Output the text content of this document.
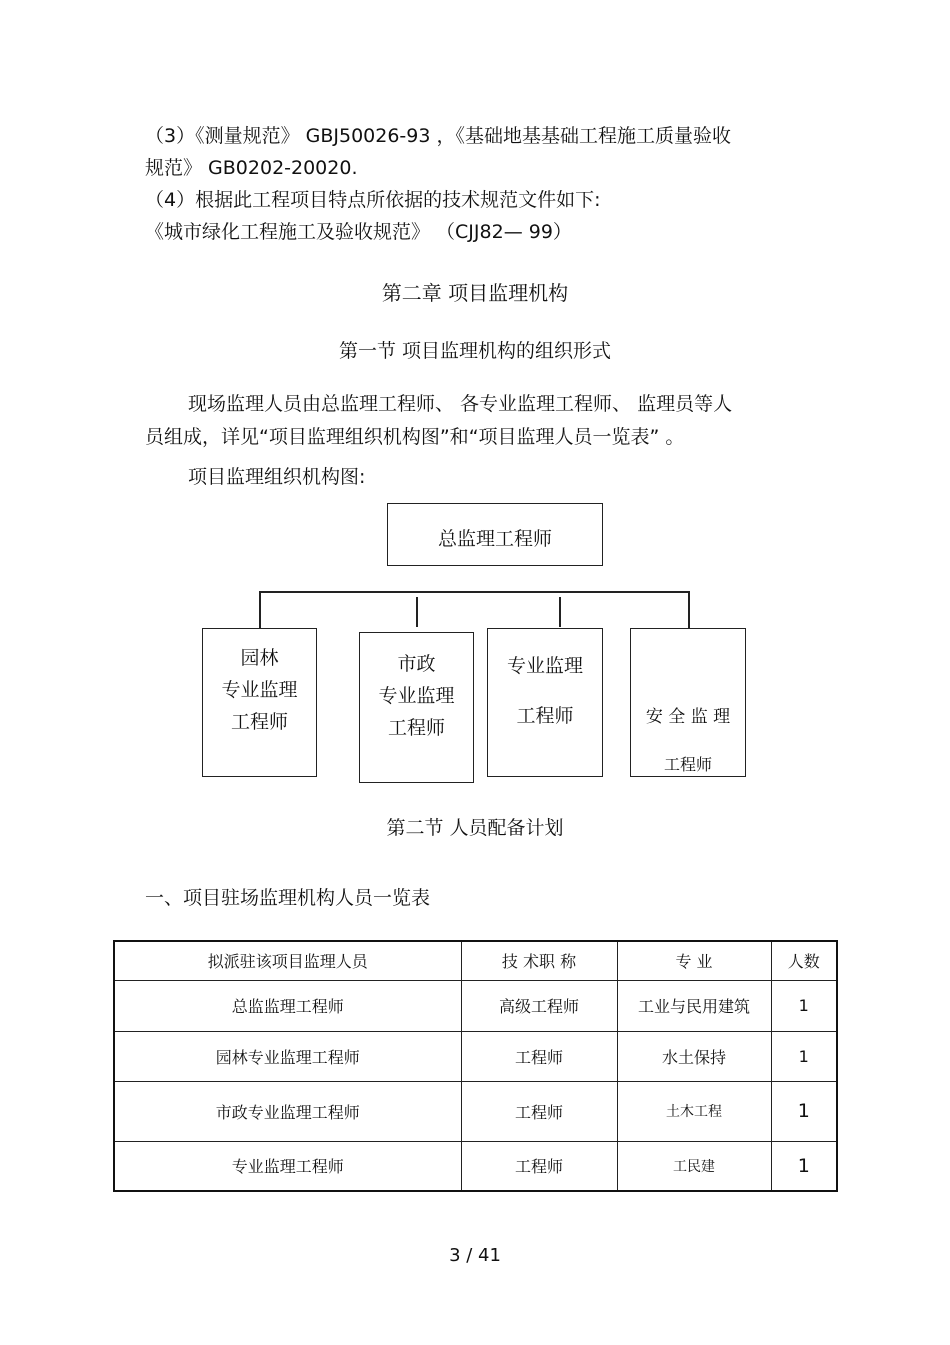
（3）《测量规范》 GBJ50026-93 ，《基础地基基础工程施工质量验收
规范》 GB0202-20020.
（4）根据此工程项目特点所依据的技术规范文件如下:
《城市绿化工程施工及验收规范》 （CJJ82— 99）
第二章 项目监理机构
第一节 项目监理机构的组织形式
现场监理人员由总监理工程师、 各专业监理工程师、 监理员等人
员组成，详见“项目监理组织机构图”和“项目监理人员一览表” 。
项目监理组织机构图:
总监理工程师
园林
专业监理
工程师
市政
专业监理
工程师
专业监理
工程师	安 全 监 理
工程师
第二节 人员配备计划
一、项目驻场监理机构人员一览表
拟派驻该项目监理人员	技 术职 称	专 业	人数
总监监理工程师	高级工程师	工业与民用建筑	1
园林专业监理工程师	工程师	水土保持	1
市政专业监理工程师	工程师	土木工程	1
专业监理工程师	工程师	工民建	1
3 / 41
